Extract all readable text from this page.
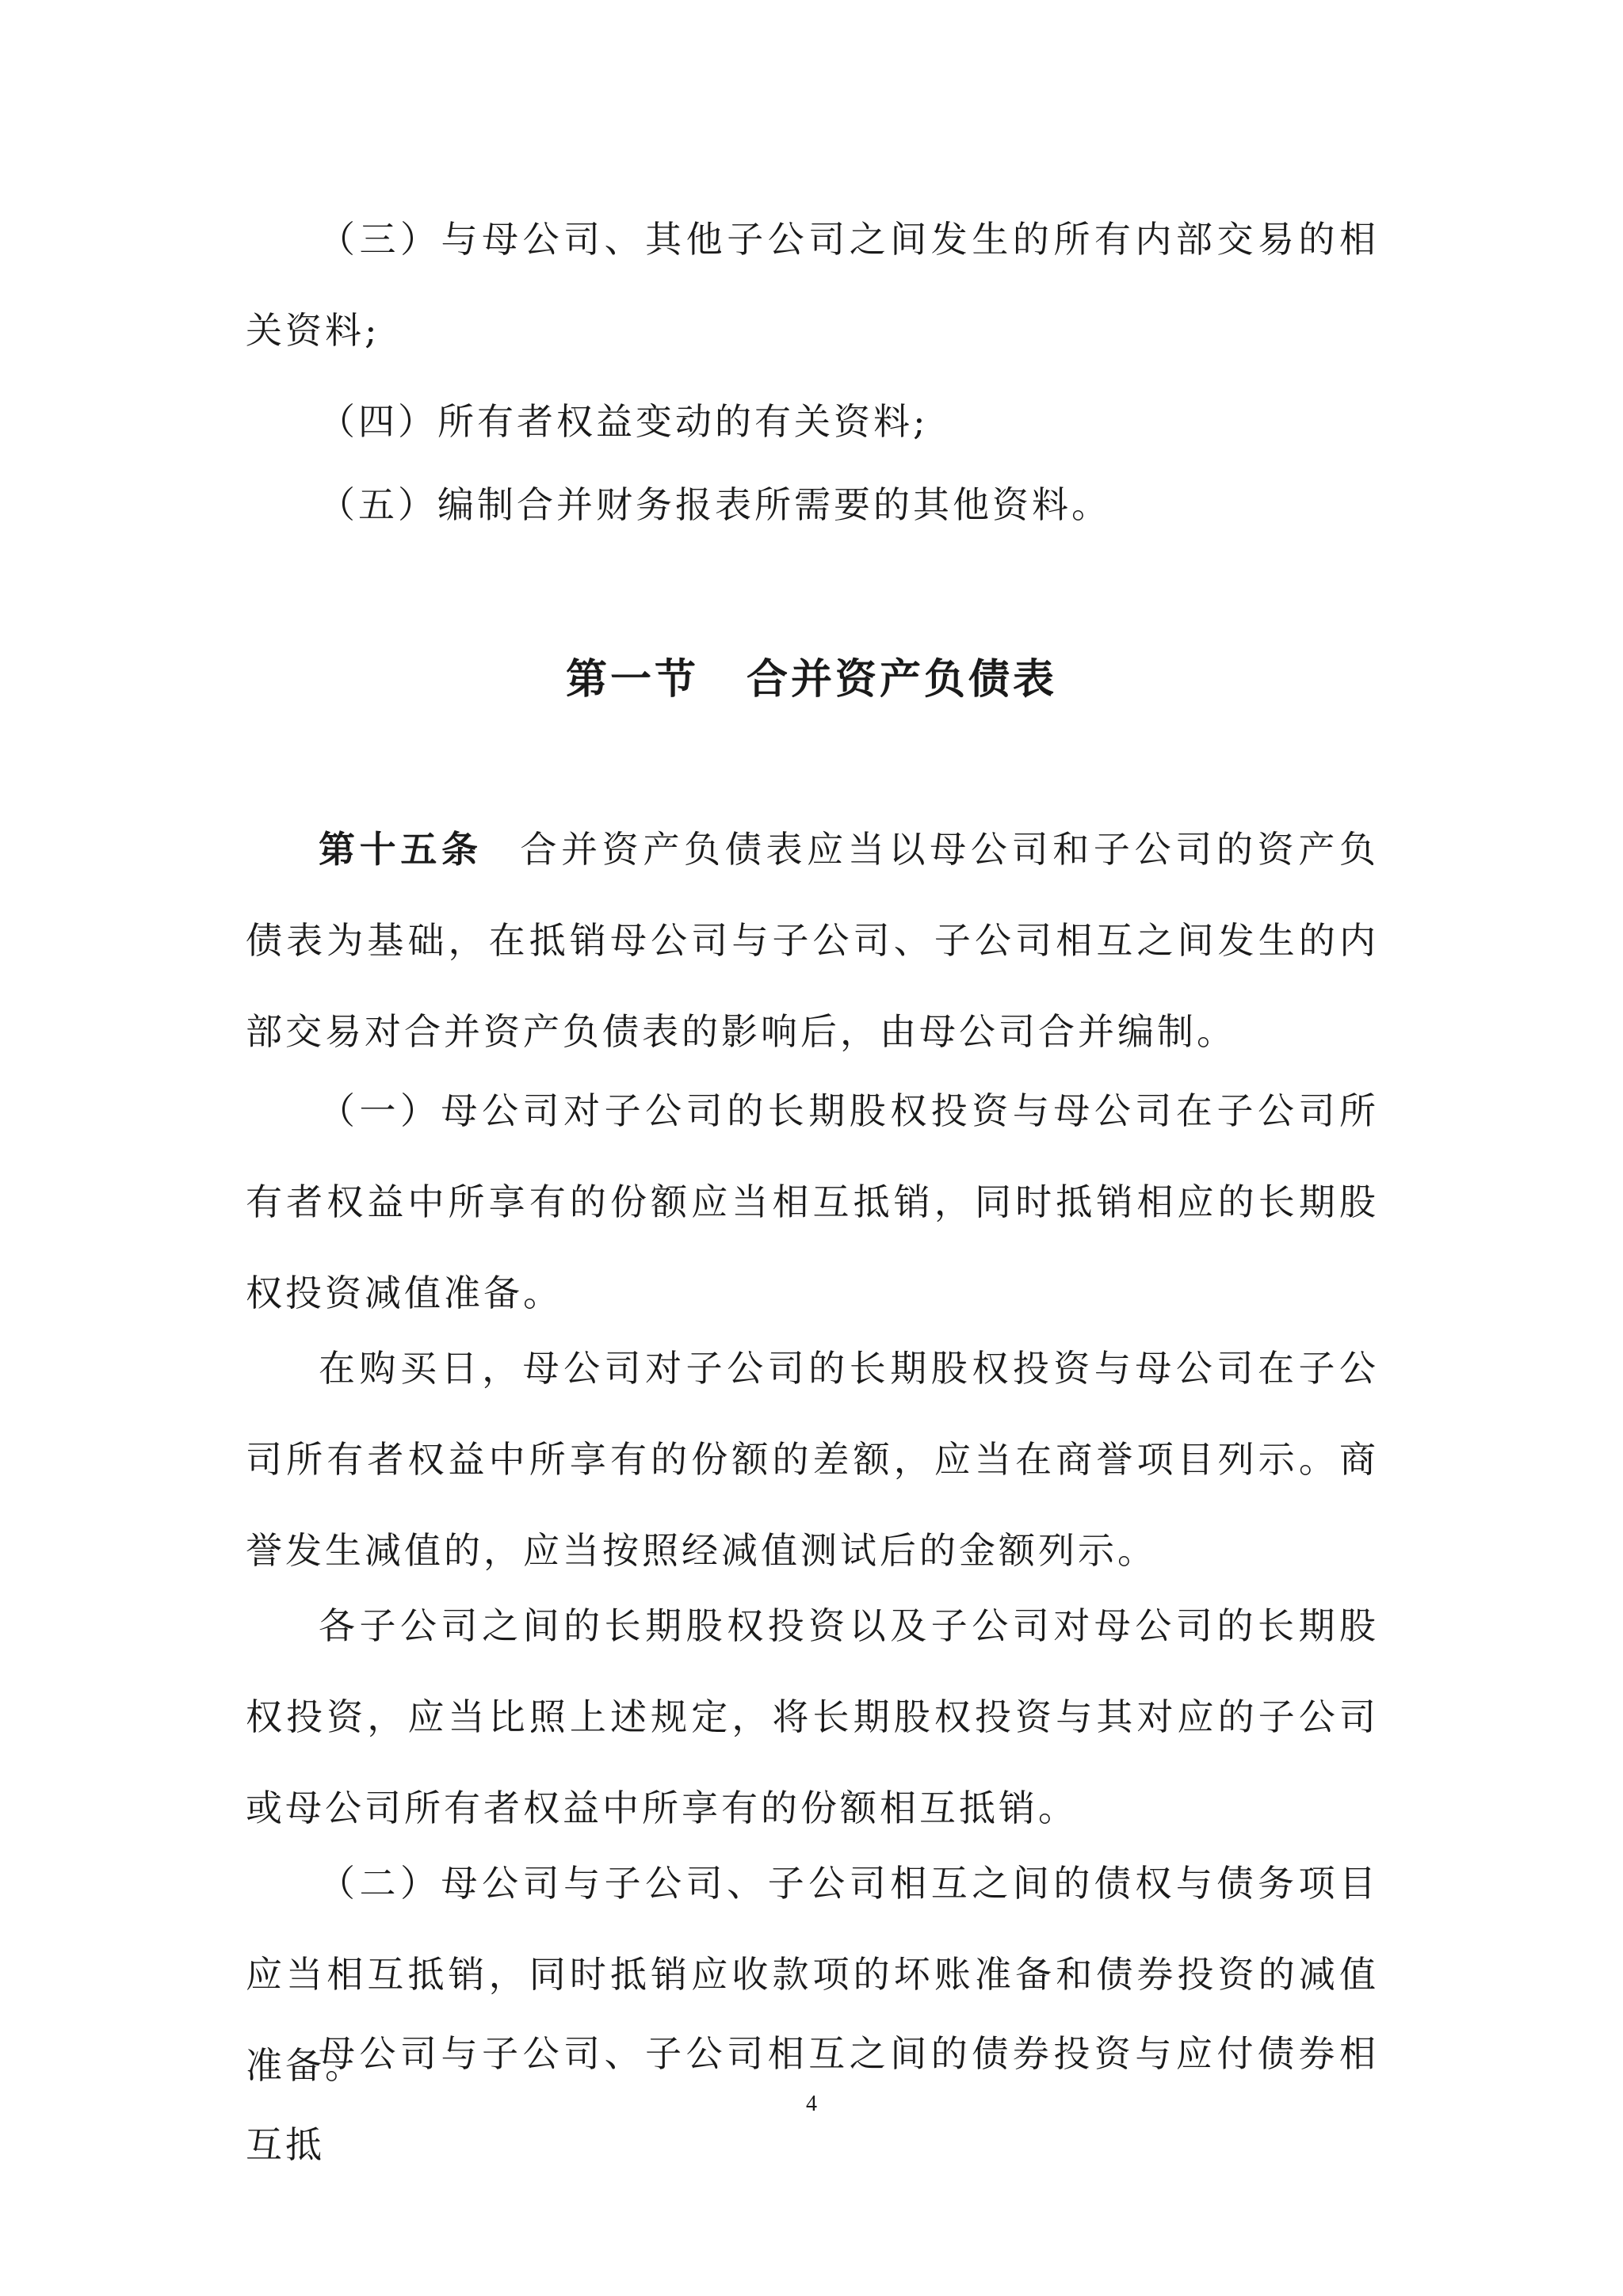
（三）与母公司、其他子公司之间发生的所有内部交易的相关资料;

（四）所有者权益变动的有关资料;

（五）编制合并财务报表所需要的其他资料。

第一节 合并资产负债表

第十五条 合并资产负债表应当以母公司和子公司的资产负债表为基础，在抵销母公司与子公司、子公司相互之间发生的内部交易对合并资产负债表的影响后，由母公司合并编制。

（一）母公司对子公司的长期股权投资与母公司在子公司所有者权益中所享有的份额应当相互抵销，同时抵销相应的长期股权投资减值准备。

在购买日，母公司对子公司的长期股权投资与母公司在子公司所有者权益中所享有的份额的差额，应当在商誉项目列示。商誉发生减值的，应当按照经减值测试后的金额列示。

各子公司之间的长期股权投资以及子公司对母公司的长期股权投资，应当比照上述规定，将长期股权投资与其对应的子公司或母公司所有者权益中所享有的份额相互抵销。

（二）母公司与子公司、子公司相互之间的债权与债务项目应当相互抵销，同时抵销应收款项的坏账准备和债券投资的减值准备。

母公司与子公司、子公司相互之间的债券投资与应付债券相互抵

4
